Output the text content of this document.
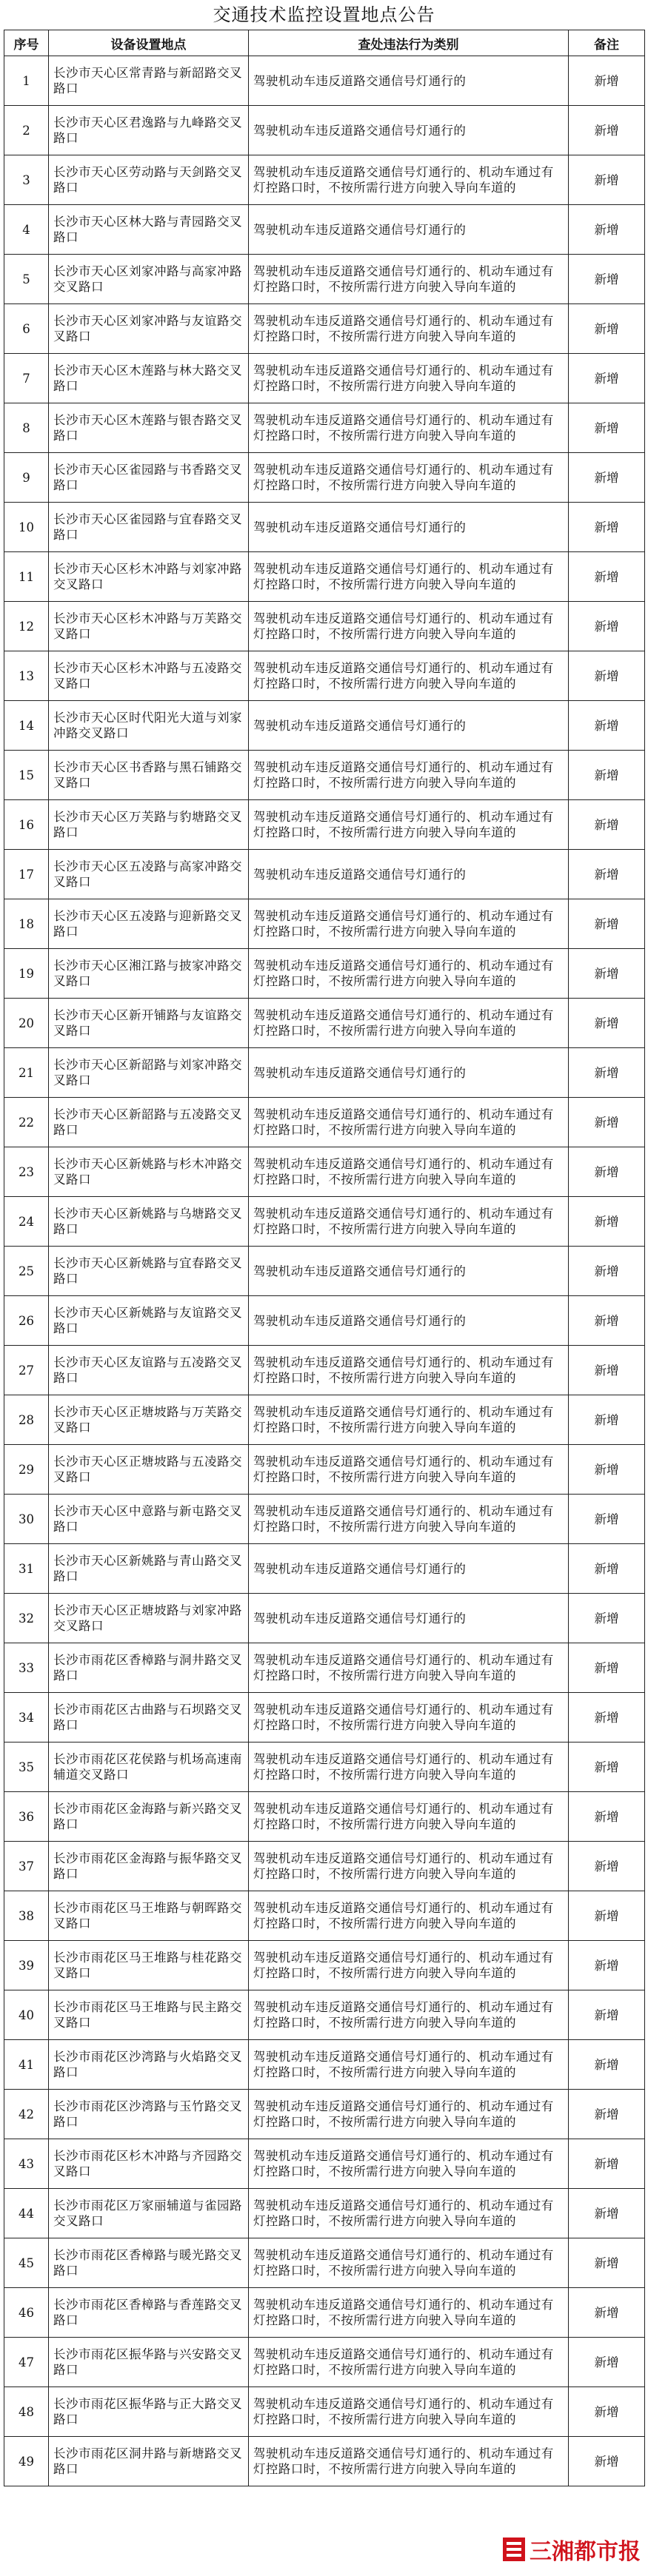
交通技术监控设置地点公告
序号	设备设置地点	查处违法行为类别	备注
1	长沙市天心区常青路与新韶路交叉路口	驾驶机动车违反道路交通信号灯通行的	新增
2	长沙市天心区君逸路与九峰路交叉路口	驾驶机动车违反道路交通信号灯通行的	新增
3	长沙市天心区劳动路与天剑路交叉路口	驾驶机动车违反道路交通信号灯通行的、机动车通过有灯控路口时，不按所需行进方向驶入导向车道的	新增
4	长沙市天心区林大路与青园路交叉路口	驾驶机动车违反道路交通信号灯通行的	新增
5	长沙市天心区刘家冲路与高家冲路交叉路口	驾驶机动车违反道路交通信号灯通行的、机动车通过有灯控路口时，不按所需行进方向驶入导向车道的	新增
6	长沙市天心区刘家冲路与友谊路交叉路口	驾驶机动车违反道路交通信号灯通行的、机动车通过有灯控路口时，不按所需行进方向驶入导向车道的	新增
7	长沙市天心区木莲路与林大路交叉路口	驾驶机动车违反道路交通信号灯通行的、机动车通过有灯控路口时，不按所需行进方向驶入导向车道的	新增
8	长沙市天心区木莲路与银杏路交叉路口	驾驶机动车违反道路交通信号灯通行的、机动车通过有灯控路口时，不按所需行进方向驶入导向车道的	新增
9	长沙市天心区雀园路与书香路交叉路口	驾驶机动车违反道路交通信号灯通行的、机动车通过有灯控路口时，不按所需行进方向驶入导向车道的	新增
10	长沙市天心区雀园路与宜春路交叉路口	驾驶机动车违反道路交通信号灯通行的	新增
11	长沙市天心区杉木冲路与刘家冲路交叉路口	驾驶机动车违反道路交通信号灯通行的、机动车通过有灯控路口时，不按所需行进方向驶入导向车道的	新增
12	长沙市天心区杉木冲路与万芙路交叉路口	驾驶机动车违反道路交通信号灯通行的、机动车通过有灯控路口时，不按所需行进方向驶入导向车道的	新增
13	长沙市天心区杉木冲路与五凌路交叉路口	驾驶机动车违反道路交通信号灯通行的、机动车通过有灯控路口时，不按所需行进方向驶入导向车道的	新增
14	长沙市天心区时代阳光大道与刘家冲路交叉路口	驾驶机动车违反道路交通信号灯通行的	新增
15	长沙市天心区书香路与黑石铺路交叉路口	驾驶机动车违反道路交通信号灯通行的、机动车通过有灯控路口时，不按所需行进方向驶入导向车道的	新增
16	长沙市天心区万芙路与豹塘路交叉路口	驾驶机动车违反道路交通信号灯通行的、机动车通过有灯控路口时，不按所需行进方向驶入导向车道的	新增
17	长沙市天心区五凌路与高家冲路交叉路口	驾驶机动车违反道路交通信号灯通行的	新增
18	长沙市天心区五凌路与迎新路交叉路口	驾驶机动车违反道路交通信号灯通行的、机动车通过有灯控路口时，不按所需行进方向驶入导向车道的	新增
19	长沙市天心区湘江路与披家冲路交叉路口	驾驶机动车违反道路交通信号灯通行的、机动车通过有灯控路口时，不按所需行进方向驶入导向车道的	新增
20	长沙市天心区新开铺路与友谊路交叉路口	驾驶机动车违反道路交通信号灯通行的、机动车通过有灯控路口时，不按所需行进方向驶入导向车道的	新增
21	长沙市天心区新韶路与刘家冲路交叉路口	驾驶机动车违反道路交通信号灯通行的	新增
22	长沙市天心区新韶路与五凌路交叉路口	驾驶机动车违反道路交通信号灯通行的、机动车通过有灯控路口时，不按所需行进方向驶入导向车道的	新增
23	长沙市天心区新姚路与杉木冲路交叉路口	驾驶机动车违反道路交通信号灯通行的、机动车通过有灯控路口时，不按所需行进方向驶入导向车道的	新增
24	长沙市天心区新姚路与乌塘路交叉路口	驾驶机动车违反道路交通信号灯通行的、机动车通过有灯控路口时，不按所需行进方向驶入导向车道的	新增
25	长沙市天心区新姚路与宜春路交叉路口	驾驶机动车违反道路交通信号灯通行的	新增
26	长沙市天心区新姚路与友谊路交叉路口	驾驶机动车违反道路交通信号灯通行的	新增
27	长沙市天心区友谊路与五凌路交叉路口	驾驶机动车违反道路交通信号灯通行的、机动车通过有灯控路口时，不按所需行进方向驶入导向车道的	新增
28	长沙市天心区正塘坡路与万芙路交叉路口	驾驶机动车违反道路交通信号灯通行的、机动车通过有灯控路口时，不按所需行进方向驶入导向车道的	新增
29	长沙市天心区正塘坡路与五凌路交叉路口	驾驶机动车违反道路交通信号灯通行的、机动车通过有灯控路口时，不按所需行进方向驶入导向车道的	新增
30	长沙市天心区中意路与新屯路交叉路口	驾驶机动车违反道路交通信号灯通行的、机动车通过有灯控路口时，不按所需行进方向驶入导向车道的	新增
31	长沙市天心区新姚路与青山路交叉路口	驾驶机动车违反道路交通信号灯通行的	新增
32	长沙市天心区正塘坡路与刘家冲路交叉路口	驾驶机动车违反道路交通信号灯通行的	新增
33	长沙市雨花区香樟路与洞井路交叉路口	驾驶机动车违反道路交通信号灯通行的、机动车通过有灯控路口时，不按所需行进方向驶入导向车道的	新增
34	长沙市雨花区古曲路与石坝路交叉路口	驾驶机动车违反道路交通信号灯通行的、机动车通过有灯控路口时，不按所需行进方向驶入导向车道的	新增
35	长沙市雨花区花侯路与机场高速南辅道交叉路口	驾驶机动车违反道路交通信号灯通行的、机动车通过有灯控路口时，不按所需行进方向驶入导向车道的	新增
36	长沙市雨花区金海路与新兴路交叉路口	驾驶机动车违反道路交通信号灯通行的、机动车通过有灯控路口时，不按所需行进方向驶入导向车道的	新增
37	长沙市雨花区金海路与振华路交叉路口	驾驶机动车违反道路交通信号灯通行的、机动车通过有灯控路口时，不按所需行进方向驶入导向车道的	新增
38	长沙市雨花区马王堆路与朝晖路交叉路口	驾驶机动车违反道路交通信号灯通行的、机动车通过有灯控路口时，不按所需行进方向驶入导向车道的	新增
39	长沙市雨花区马王堆路与桂花路交叉路口	驾驶机动车违反道路交通信号灯通行的、机动车通过有灯控路口时，不按所需行进方向驶入导向车道的	新增
40	长沙市雨花区马王堆路与民主路交叉路口	驾驶机动车违反道路交通信号灯通行的、机动车通过有灯控路口时，不按所需行进方向驶入导向车道的	新增
41	长沙市雨花区沙湾路与火焰路交叉路口	驾驶机动车违反道路交通信号灯通行的、机动车通过有灯控路口时，不按所需行进方向驶入导向车道的	新增
42	长沙市雨花区沙湾路与玉竹路交叉路口	驾驶机动车违反道路交通信号灯通行的、机动车通过有灯控路口时，不按所需行进方向驶入导向车道的	新增
43	长沙市雨花区杉木冲路与齐园路交叉路口	驾驶机动车违反道路交通信号灯通行的、机动车通过有灯控路口时，不按所需行进方向驶入导向车道的	新增
44	长沙市雨花区万家丽辅道与雀园路交叉路口	驾驶机动车违反道路交通信号灯通行的、机动车通过有灯控路口时，不按所需行进方向驶入导向车道的	新增
45	长沙市雨花区香樟路与暖光路交叉路口	驾驶机动车违反道路交通信号灯通行的、机动车通过有灯控路口时，不按所需行进方向驶入导向车道的	新增
46	长沙市雨花区香樟路与香莲路交叉路口	驾驶机动车违反道路交通信号灯通行的、机动车通过有灯控路口时，不按所需行进方向驶入导向车道的	新增
47	长沙市雨花区振华路与兴安路交叉路口	驾驶机动车违反道路交通信号灯通行的、机动车通过有灯控路口时，不按所需行进方向驶入导向车道的	新增
48	长沙市雨花区振华路与正大路交叉路口	驾驶机动车违反道路交通信号灯通行的、机动车通过有灯控路口时，不按所需行进方向驶入导向车道的	新增
49	长沙市雨花区洞井路与新塘路交叉路口	驾驶机动车违反道路交通信号灯通行的、机动车通过有灯控路口时，不按所需行进方向驶入导向车道的	新增
三湘都市报
